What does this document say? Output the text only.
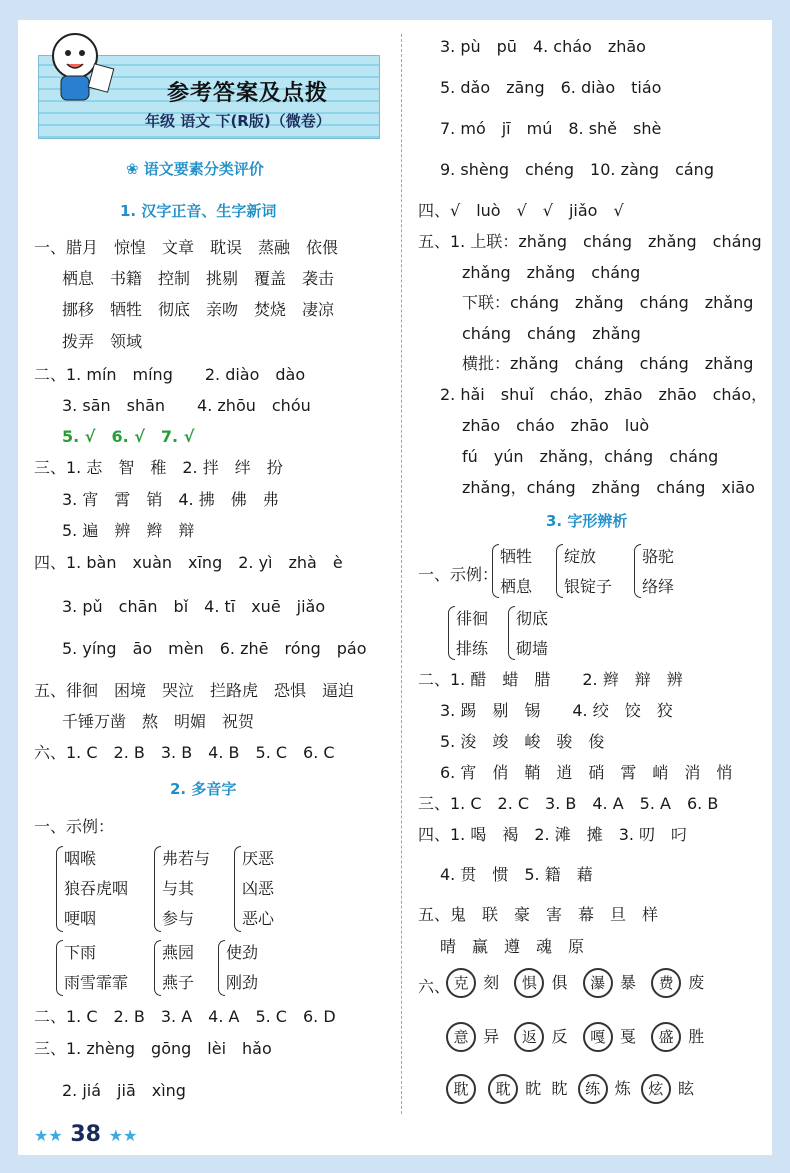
参考答案及点拨
年级 语文 下(R版)（微卷）
❀ 语文要素分类评价
1. 汉字正音、生字新词
一、腊月　惊惶　文章　耽误　蒸融　依偎
栖息　书籍　控制　挑剔　覆盖　袭击
挪移　牺牲　彻底　亲吻　焚烧　凄凉
拨弄　领域
二、1. mín　míng　　2. diào　dào
3. sān　shān　　4. zhōu　chóu
5. √　6. √　7. √
三、1. 志　智　稚　2. 拌　绊　扮
3. 宵　霄　销　4. 拂　佛　弗
5. 遍　辨　辫　辩
四、1. bàn　xuàn　xīng　2. yì　zhà　è
3. pǔ　chān　bǐ　4. tī　xuē　jiǎo
5. yíng　āo　mèn　6. zhē　róng　páo
五、徘徊　困境　哭泣　拦路虎　恐惧　逼迫
千锤万凿　熬　明媚　祝贺
六、1. C　2. B　3. B　4. B　5. C　6. C
2. 多音字
一、示例：
咽喉
狼吞虎咽
哽咽
弗若与
与其
参与
厌恶
凶恶
恶心
下雨
雨雪霏霏
燕园
燕子
使劲
刚劲
二、1. C　2. B　3. A　4. A　5. C　6. D
三、1. zhèng　gōng　lèi　hǎo
2. jiá　jiā　xìng
3. pù　pū　4. cháo　zhāo
5. dǎo　zāng　6. diào　tiáo
7. mó　jī　mú　8. shě　shè
9. shèng　chéng　10. zàng　cáng
四、√　luò　√　√　jiǎo　√
五、1. 上联：zhǎng　cháng　zhǎng　cháng
zhǎng　zhǎng　cháng
下联：cháng　zhǎng　cháng　zhǎng
cháng　cháng　zhǎng
横批：zhǎng　cháng　cháng　zhǎng
2. hǎi　shuǐ　cháo，zhāo　zhāo　cháo，
zhāo　cháo　zhāo　luò
fú　yún　zhǎng，cháng　cháng
zhǎng，cháng　zhǎng　cháng　xiāo
3. 字形辨析
一、示例：
牺牲
栖息
绽放
银锭子
骆驼
络绎
徘徊
排练
彻底
砌墙
二、1. 醋　蜡　腊　　2. 辫　辩　辨
3. 踢　剔　锡　　4. 绞　饺　狡
5. 浚　竣　峻　骏　俊
6. 宵　俏　鞘　逍　硝　霄　峭　消　悄
三、1. C　2. C　3. B　4. A　5. A　6. B
四、1. 喝　褐　2. 滩　摊　3. 叨　叼
4. 贯　惯　5. 籍　藉
五、鬼　联　豪　害　幕　旦　样
晴　赢　遵　魂　原
六、 克 刻 惧 俱 瀑 暴 费 废
意 异 返 反 嘎 戛 盛 胜
耽 耽 眈 眈 练 炼 炫 眩
★★ 38 ★★
